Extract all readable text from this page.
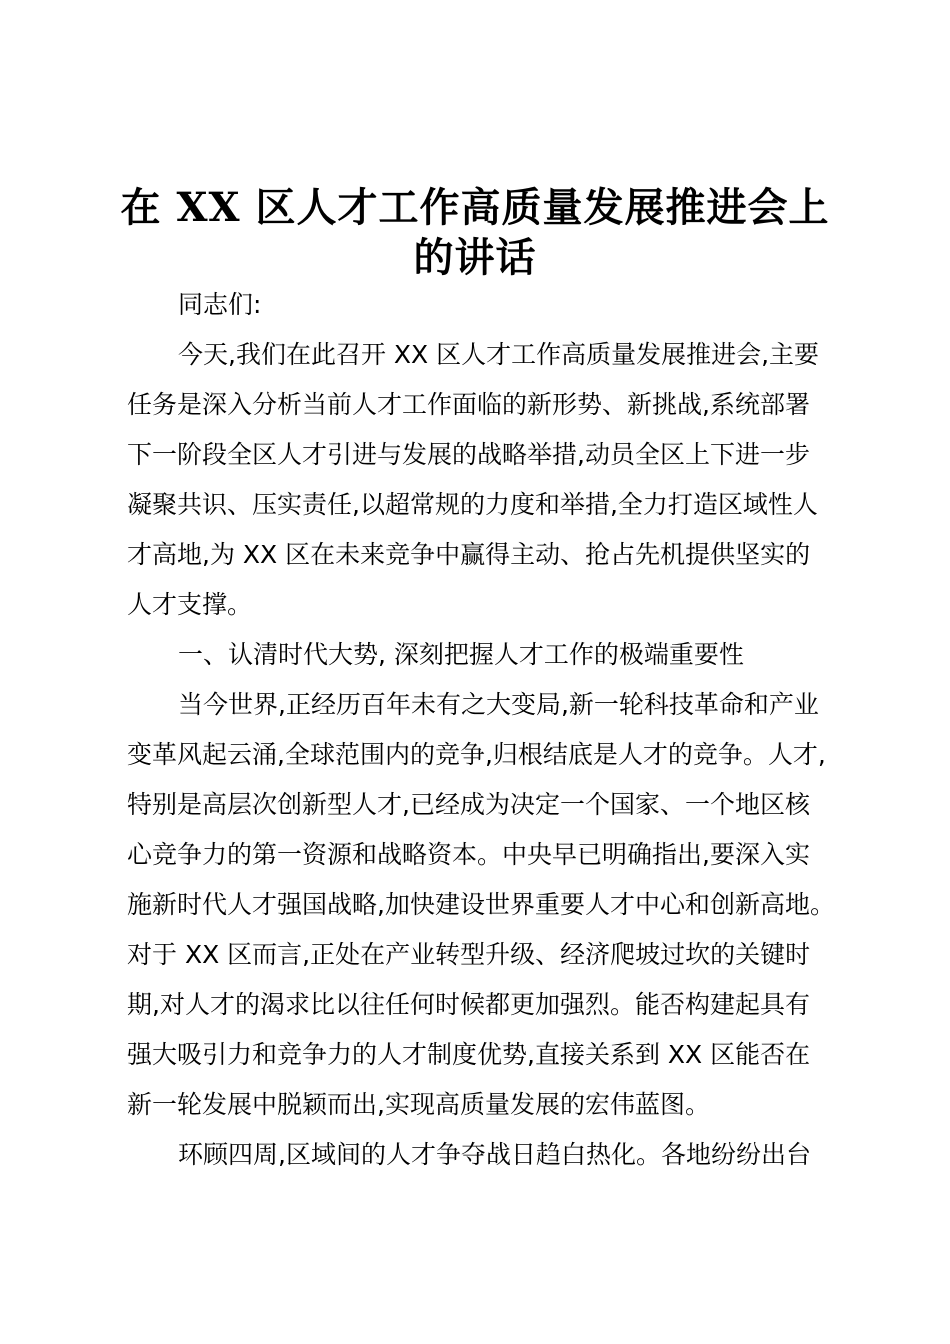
在 XX 区人才工作高质量发展推进会上
的讲话
同志们:
今天,我们在此召开 XX 区人才工作高质量发展推进会,主要
任务是深入分析当前人才工作面临的新形势、新挑战,系统部署
下一阶段全区人才引进与发展的战略举措,动员全区上下进一步
凝聚共识、压实责任,以超常规的力度和举措,全力打造区域性人
才高地,为 XX 区在未来竞争中赢得主动、抢占先机提供坚实的
人才支撑。
一、认清时代大势, 深刻把握人才工作的极端重要性
当今世界,正经历百年未有之大变局,新一轮科技革命和产业
变革风起云涌,全球范围内的竞争,归根结底是人才的竞争。人才,
特别是高层次创新型人才,已经成为决定一个国家、一个地区核
心竞争力的第一资源和战略资本。中央早已明确指出,要深入实
施新时代人才强国战略,加快建设世界重要人才中心和创新高地。
对于 XX 区而言,正处在产业转型升级、经济爬坡过坎的关键时
期,对人才的渴求比以往任何时候都更加强烈。能否构建起具有
强大吸引力和竞争力的人才制度优势,直接关系到 XX 区能否在
新一轮发展中脱颖而出,实现高质量发展的宏伟蓝图。
环顾四周,区域间的人才争夺战日趋白热化。各地纷纷出台
